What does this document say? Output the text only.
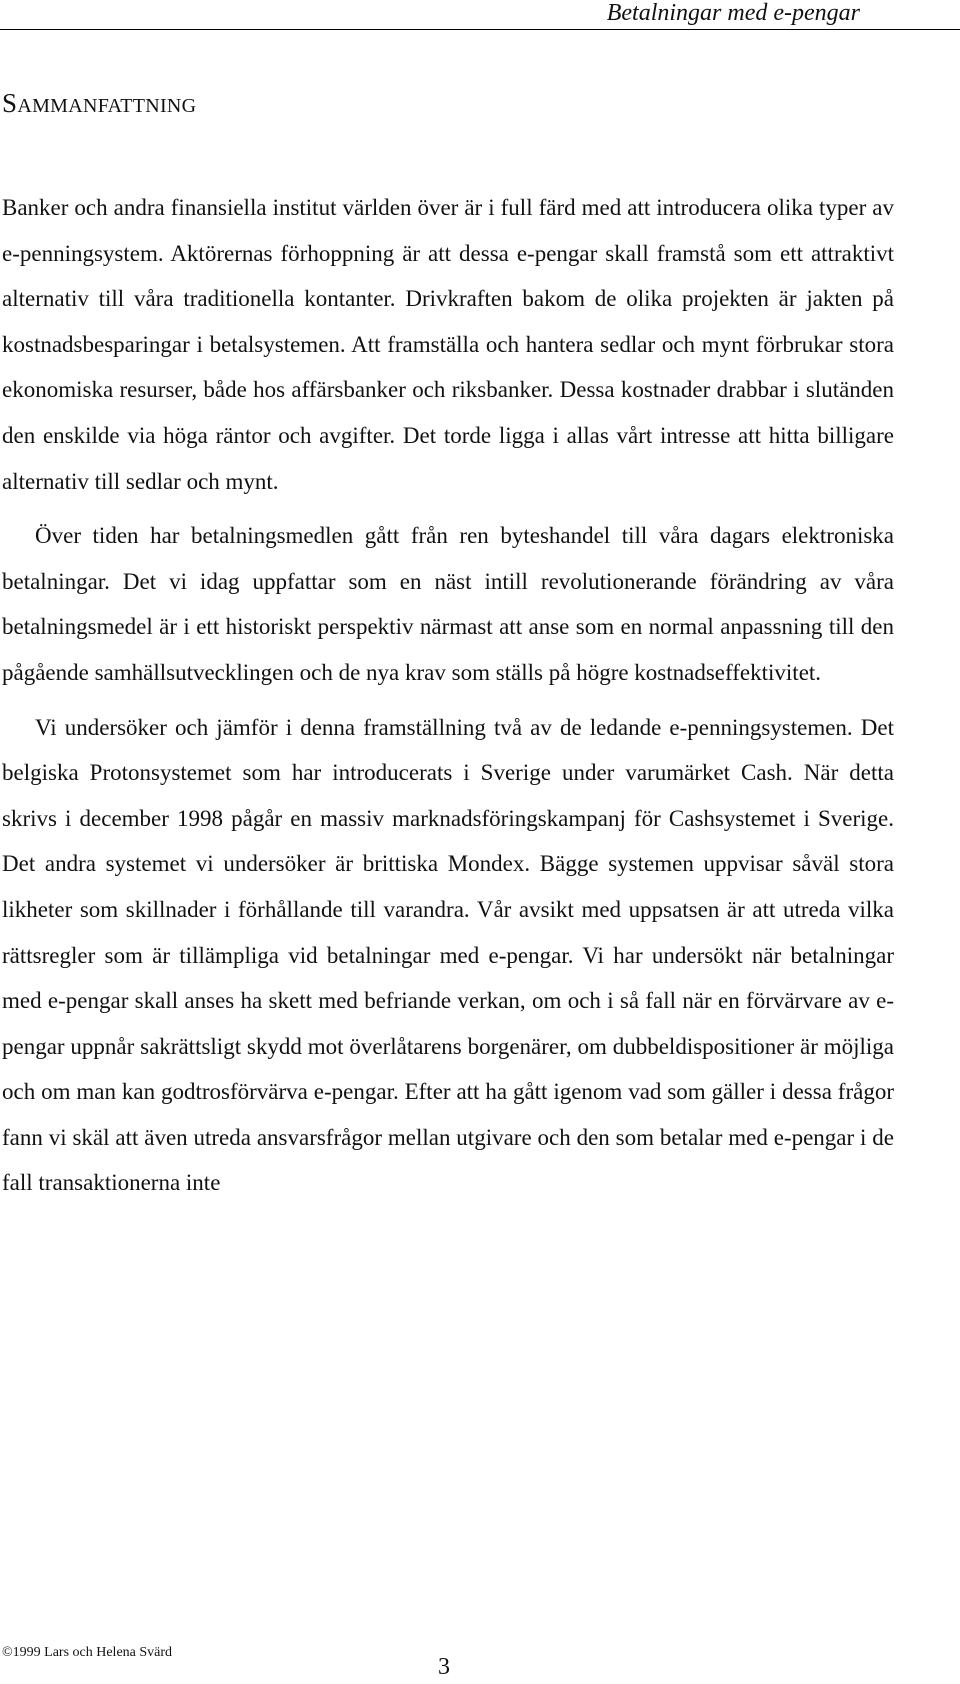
Betalningar med e-pengar
SAMMANFATTNING

Banker och andra finansiella institut världen över är i full färd med att introducera olika typer av e-penningsystem. Aktörernas förhoppning är att dessa e-pengar skall framstå som ett attraktivt alternativ till våra traditionella kontanter. Drivkraften bakom de olika projekten är jakten på kostnadsbesparingar i betalsystemen. Att framställa och hantera sedlar och mynt förbrukar stora ekonomiska resurser, både hos affärsbanker och riksbanker. Dessa kostnader drabbar i slutänden den enskilde via höga räntor och avgifter. Det torde ligga i allas vårt intresse att hitta billigare alternativ till sedlar och mynt.

Över tiden har betalningsmedlen gått från ren byteshandel till våra dagars elektroniska betalningar. Det vi idag uppfattar som en näst intill revolutionerande förändring av våra betalningsmedel är i ett historiskt perspektiv närmast att anse som en normal anpassning till den pågående samhällsutvecklingen och de nya krav som ställs på högre kostnadseffektivitet.

Vi undersöker och jämför i denna framställning två av de ledande e-penningsystemen. Det belgiska Protonsystemet som har introducerats i Sverige under varumärket Cash. När detta skrivs i december 1998 pågår en massiv marknadsföringskampanj för Cashsystemet i Sverige. Det andra systemet vi undersöker är brittiska Mondex. Bägge systemen uppvisar såväl stora likheter som skillnader i förhållande till varandra. Vår avsikt med uppsatsen är att utreda vilka rättsregler som är tillämpliga vid betalningar med e-pengar. Vi har undersökt när betalningar med e-pengar skall anses ha skett med befriande verkan, om och i så fall när en förvärvare av e-pengar uppnår sakrättsligt skydd mot överlåtarens borgenärer, om dubbeldispositioner är möjliga och om man kan godtrosförvärva e-pengar. Efter att ha gått igenom vad som gäller i dessa frågor fann vi skäl att även utreda ansvarsfrågor mellan utgivare och den som betalar med e-pengar i de fall transaktionerna inte

©1999 Lars och Helena Svärd
3
